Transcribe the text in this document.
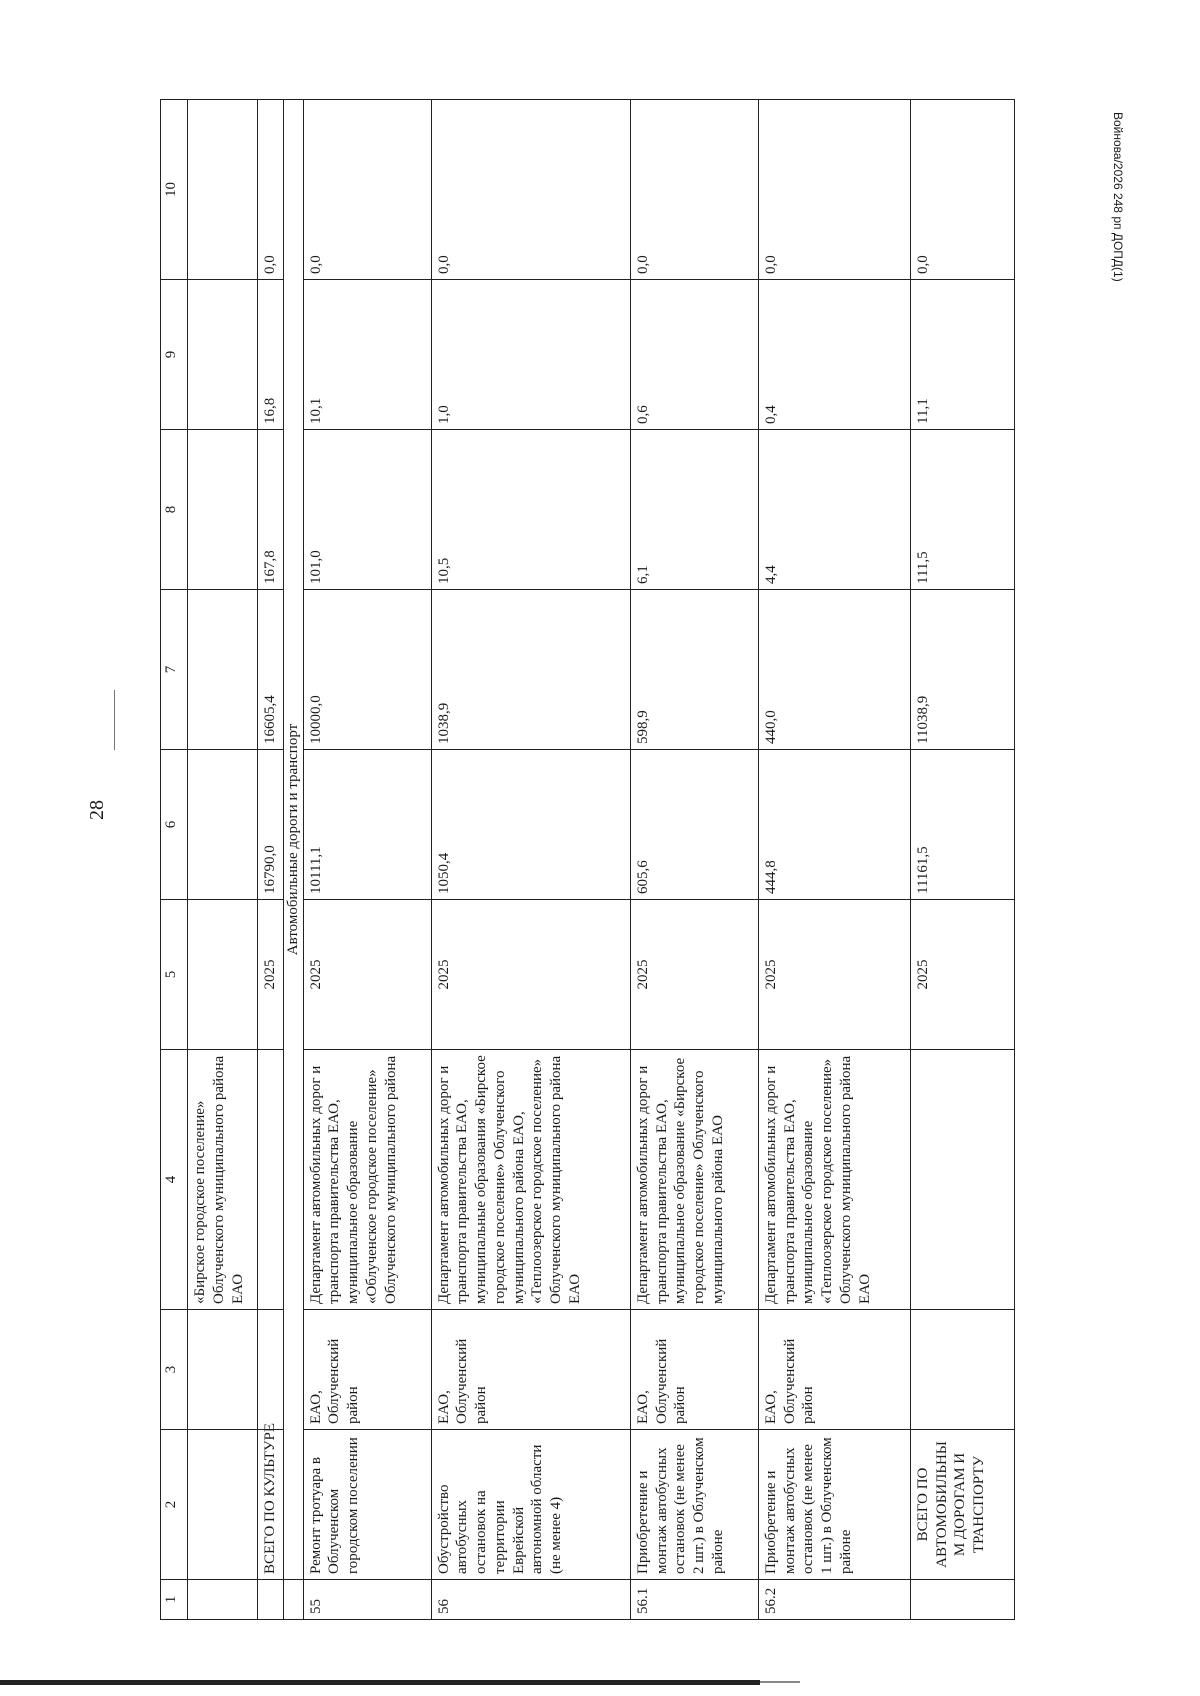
28
Войнова/2026 248 рп ДОПД(1)
1	2	3	4	5	6	7	8	9	10
			«Бирское городское поселение» Облученского муниципального района ЕАО						
	ВСЕГО ПО КУЛЬТУРЕ			2025	16790,0	16605,4	167,8	16,8	0,0
	Автомобильные дороги и транспорт								
55	Ремонт тротуара в Облученском городском поселении	ЕАО, Облученский район	Департамент автомобильных дорог и транспорта правительства ЕАО, муниципальное образование «Облученское городское поселение» Облученского муниципального района	2025	10111,1	10000,0	101,0	10,1	0,0
56	Обустройство автобусных остановок на территории Еврейской автономной области (не менее 4)	ЕАО, Облученский район	Департамент автомобильных дорог и транспорта правительства ЕАО, муниципальные образования «Бирское городское поселение» Облученского муниципального района ЕАО, «Теплоозерское городское поселение» Облученского муниципального района ЕАО	2025	1050,4	1038,9	10,5	1,0	0,0
56.1	Приобретение и монтаж автобусных остановок (не менее 2 шт.) в Облученском районе	ЕАО, Облученский район	Департамент автомобильных дорог и транспорта правительства ЕАО, муниципальное образование «Бирское городское поселение» Облученского муниципального района ЕАО	2025	605,6	598,9	6,1	0,6	0,0
56.2	Приобретение и монтаж автобусных остановок (не менее 1 шт.) в Облученском районе	ЕАО, Облученский район	Департамент автомобильных дорог и транспорта правительства ЕАО, муниципальное образование «Теплоозерское городское поселение» Облученского муниципального района ЕАО	2025	444,8	440,0	4,4	0,4	0,0
	ВСЕГО ПО АВТОМОБИЛЬНЫМ ДОРОГАМ И ТРАНСПОРТУ			2025	11161,5	11038,9	111,5	11,1	0,0
